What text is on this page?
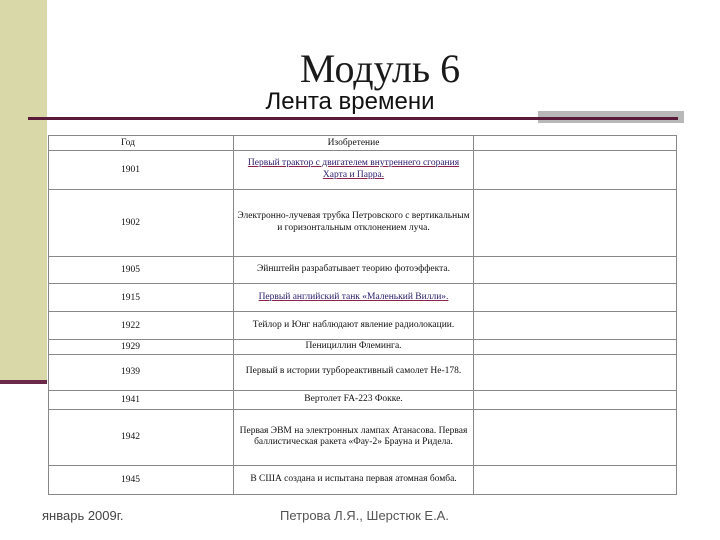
Модуль 6
Лента времени
Год	Изобретение	
1901	Первый трактор с двигателем внутреннего сгорания Харта и Парра.	
1902	Электронно-лучевая трубка Петровского с вертикальным и горизонтальным отклонением луча.	
1905	Эйнштейн разрабатывает теорию фотоэффекта.	
1915	Первый английский танк «Маленький Вилли».	
1922	Тейлор и Юнг наблюдают явление радиолокации.	
1929	Пенициллин Флеминга.	
1939	Первый в истории турбореактивный самолет Не-178.	
1941	Вертолет FA-223 Фокке.	
1942	Первая ЭВМ на электронных лампах Атанасова. Первая баллистическая ракета «Фау-2» Брауна и Ридела.	
1945	В США создана и испытана первая атомная бомба.	
январь 2009г.	Петрова Л.Я., Шерстюк Е.А.
